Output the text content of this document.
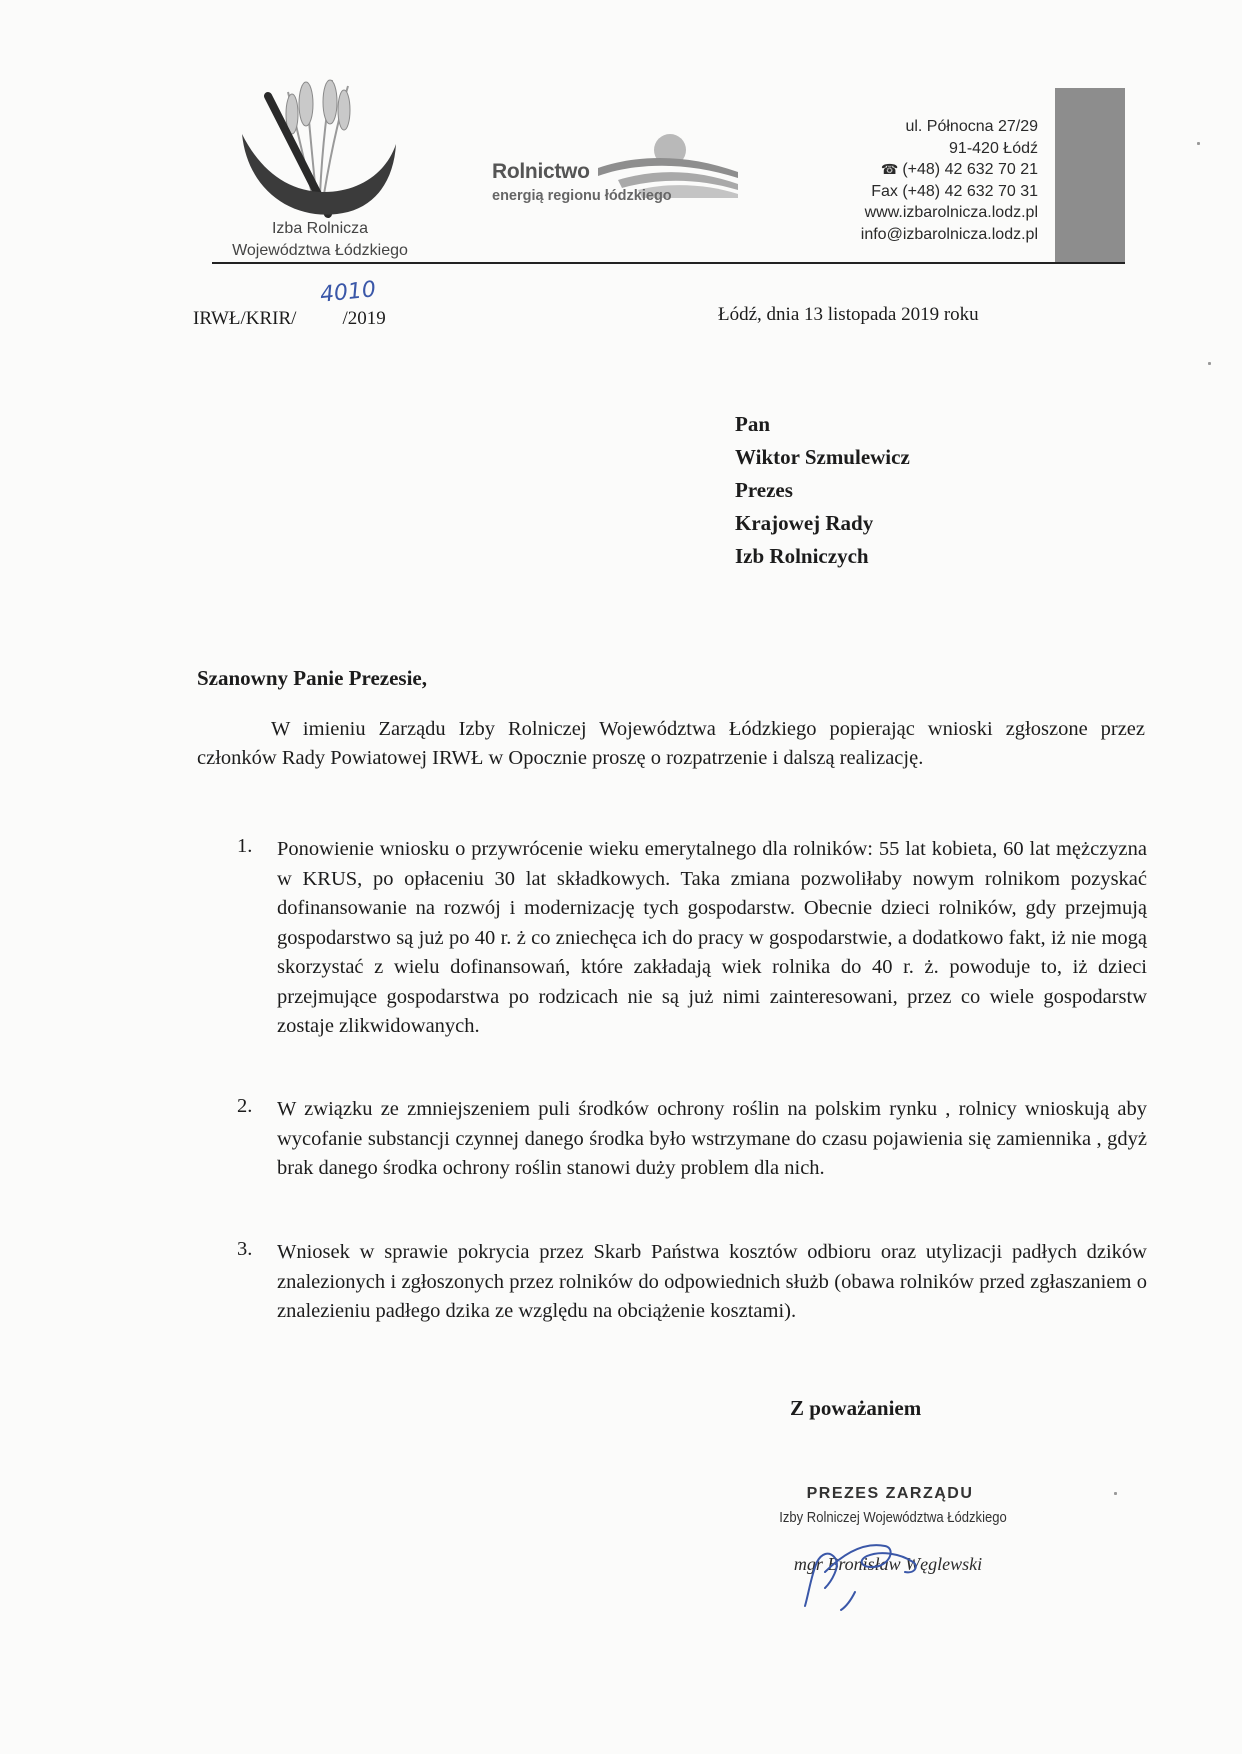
Izba Rolnicza
Województwa Łódzkiego
Rolnictwo
energią regionu łódzkiego
ul. Północna 27/29
91-420 Łódź
☎ (+48) 42 632 70 21
Fax (+48) 42 632 70 31
www.izbarolnicza.lodz.pl
info@izbarolnicza.lodz.pl
IRWŁ/KRIR/ /2019
4010
Łódź, dnia 13 listopada 2019 roku
Pan
Wiktor Szmulewicz
Prezes
Krajowej Rady
Izb Rolniczych
Szanowny Panie Prezesie,
W imieniu Zarządu Izby Rolniczej Województwa Łódzkiego popierając wnioski zgłoszone przez członków Rady Powiatowej IRWŁ w Opocznie proszę o rozpatrzenie i dalszą realizację.
1. Ponowienie wniosku o przywrócenie wieku emerytalnego dla rolników: 55 lat kobieta, 60 lat mężczyzna w KRUS, po opłaceniu 30 lat składkowych. Taka zmiana pozwoliłaby nowym rolnikom pozyskać dofinansowanie na rozwój i modernizację tych gospodarstw. Obecnie dzieci rolników, gdy przejmują gospodarstwo są już po 40 r. ż co zniechęca ich do pracy w gospodarstwie, a dodatkowo fakt, iż nie mogą skorzystać z wielu dofinansowań, które zakładają wiek rolnika do 40 r. ż. powoduje to, iż dzieci przejmujące gospodarstwa po rodzicach nie są już nimi zainteresowani, przez co wiele gospodarstw zostaje zlikwidowanych.
2. W związku ze zmniejszeniem puli środków ochrony roślin na polskim rynku , rolnicy wnioskują aby wycofanie substancji czynnej danego środka było wstrzymane do czasu pojawienia się zamiennika , gdyż brak danego środka ochrony roślin stanowi duży problem dla nich.
3. Wniosek w sprawie pokrycia przez Skarb Państwa kosztów odbioru oraz utylizacji padłych dzików znalezionych i zgłoszonych przez rolników do odpowiednich służb (obawa rolników przed zgłaszaniem o znalezieniu padłego dzika ze względu na obciążenie kosztami).
Z poważaniem
PREZES ZARZĄDU
Izby Rolniczej Województwa Łódzkiego
mgr Bronisław Węglewski
